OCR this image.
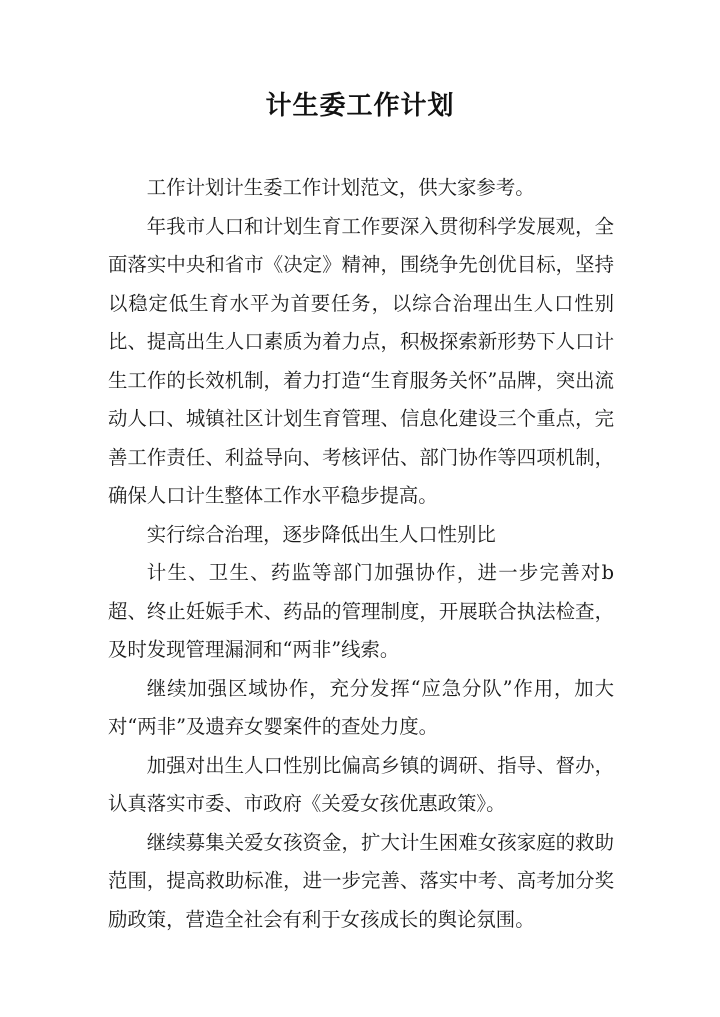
计生委工作计划

工作计划计生委工作计划范文，供大家参考。

年我市人口和计划生育工作要深入贯彻科学发展观，全面落实中央和省市《决定》精神，围绕争先创优目标，坚持以稳定低生育水平为首要任务，以综合治理出生人口性别比、提高出生人口素质为着力点，积极探索新形势下人口计生工作的长效机制，着力打造“生育服务关怀”品牌，突出流动人口、城镇社区计划生育管理、信息化建设三个重点，完善工作责任、利益导向、考核评估、部门协作等四项机制，确保人口计生整体工作水平稳步提高。

实行综合治理，逐步降低出生人口性别比

计生、卫生、药监等部门加强协作，进一步完善对b超、终止妊娠手术、药品的管理制度，开展联合执法检查，及时发现管理漏洞和“两非”线索。

继续加强区域协作，充分发挥“应急分队”作用，加大对“两非”及遗弃女婴案件的查处力度。

加强对出生人口性别比偏高乡镇的调研、指导、督办，认真落实市委、市政府《关爱女孩优惠政策》。

继续募集关爱女孩资金，扩大计生困难女孩家庭的救助范围，提高救助标准，进一步完善、落实中考、高考加分奖励政策，营造全社会有利于女孩成长的舆论氛围。
